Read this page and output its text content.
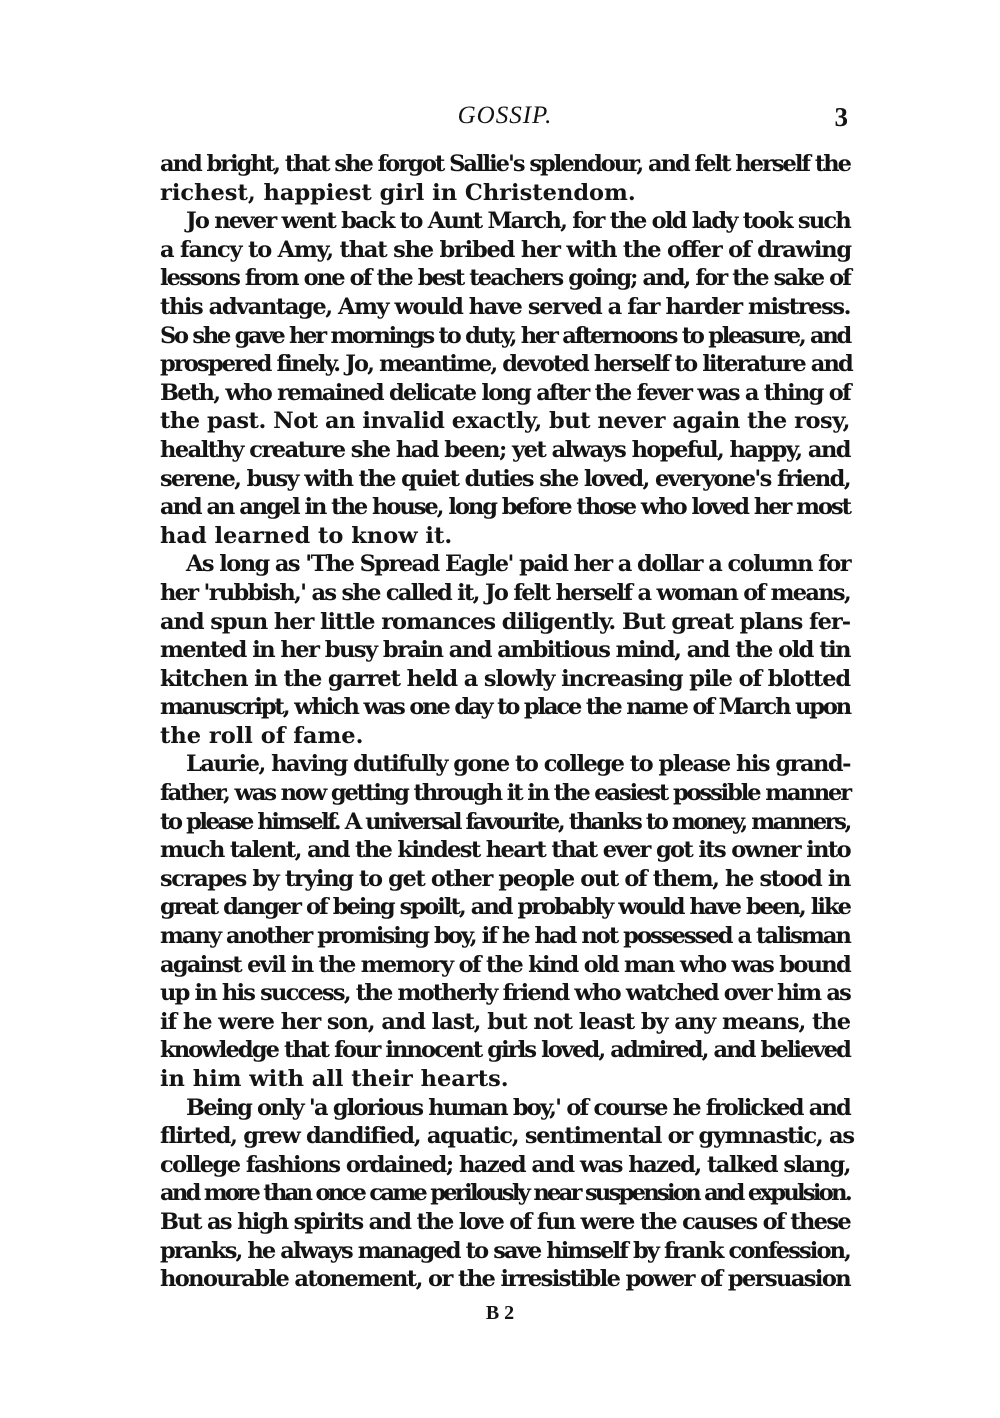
GOSSIP.	3
and bright, that she forgot Sallie's splendour, and felt herself the
richest, happiest girl in Christendom.
Jo never went back to Aunt March, for the old lady took such
a fancy to Amy, that she bribed her with the offer of drawing
lessons from one of the best teachers going; and, for the sake of
this advantage, Amy would have served a far harder mistress.
So she gave her mornings to duty, her afternoons to pleasure, and
prospered finely. Jo, meantime, devoted herself to literature and
Beth, who remained delicate long after the fever was a thing of
the past. Not an invalid exactly, but never again the rosy,
healthy creature she had been; yet always hopeful, happy, and
serene, busy with the quiet duties she loved, everyone's friend,
and an angel in the house, long before those who loved her most
had learned to know it.
As long as 'The Spread Eagle' paid her a dollar a column for
her 'rubbish,' as she called it, Jo felt herself a woman of means,
and spun her little romances diligently. But great plans fer-
mented in her busy brain and ambitious mind, and the old tin
kitchen in the garret held a slowly increasing pile of blotted
manuscript, which was one day to place the name of March upon
the roll of fame.
Laurie, having dutifully gone to college to please his grand-
father, was now getting through it in the easiest possible manner
to please himself. A universal favourite, thanks to money, manners,
much talent, and the kindest heart that ever got its owner into
scrapes by trying to get other people out of them, he stood in
great danger of being spoilt, and probably would have been, like
many another promising boy, if he had not possessed a talisman
against evil in the memory of the kind old man who was bound
up in his success, the motherly friend who watched over him as
if he were her son, and last, but not least by any means, the
knowledge that four innocent girls loved, admired, and believed
in him with all their hearts.
Being only 'a glorious human boy,' of course he frolicked and
flirted, grew dandified, aquatic, sentimental or gymnastic, as
college fashions ordained; hazed and was hazed, talked slang,
and more than once came perilously near suspension and expulsion.
But as high spirits and the love of fun were the causes of these
pranks, he always managed to save himself by frank confession,
honourable atonement, or the irresistible power of persuasion
B 2
